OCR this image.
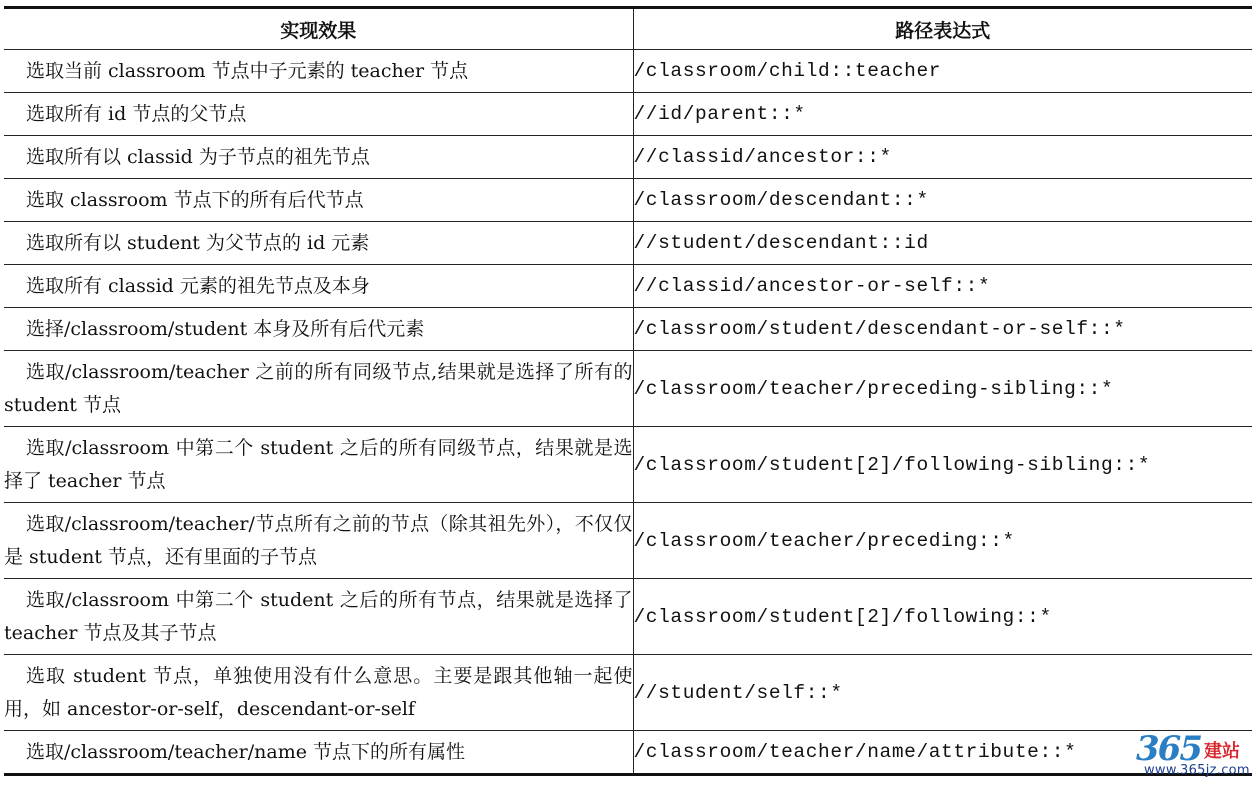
实现效果	路径表达式

选取当前 classroom 节点中子元素的 teacher 节点	/classroom/child::teacher

选取所有 id 节点的父节点	//id/parent::*

选取所有以 classid 为子节点的祖先节点	//classid/ancestor::*

选取 classroom 节点下的所有后代节点	/classroom/descendant::*

选取所有以 student 为父节点的 id 元素	//student/descendant::id

选取所有 classid 元素的祖先节点及本身	//classid/ancestor-or-self::*

选择/classroom/student 本身及所有后代元素	/classroom/student/descendant-or-self::*

选取/classroom/teacher 之前的所有同级节点,结果就是选择了所有的 student 节点	/classroom/teacher/preceding-sibling::*

选取/classroom 中第二个 student 之后的所有同级节点，结果就是选择了 teacher 节点	/classroom/student[2]/following-sibling::*

选取/classroom/teacher/节点所有之前的节点（除其祖先外），不仅仅是 student 节点，还有里面的子节点	/classroom/teacher/preceding::*

选取/classroom 中第二个 student 之后的所有节点，结果就是选择了 teacher 节点及其子节点	/classroom/student[2]/following::*

选取 student 节点，单独使用没有什么意思。主要是跟其他轴一起使用，如 ancestor-or-self，descendant-or-self	//student/self::*

选取/classroom/teacher/name 节点下的所有属性	/classroom/teacher/name/attribute::* 365 建站
www.365jz.com
